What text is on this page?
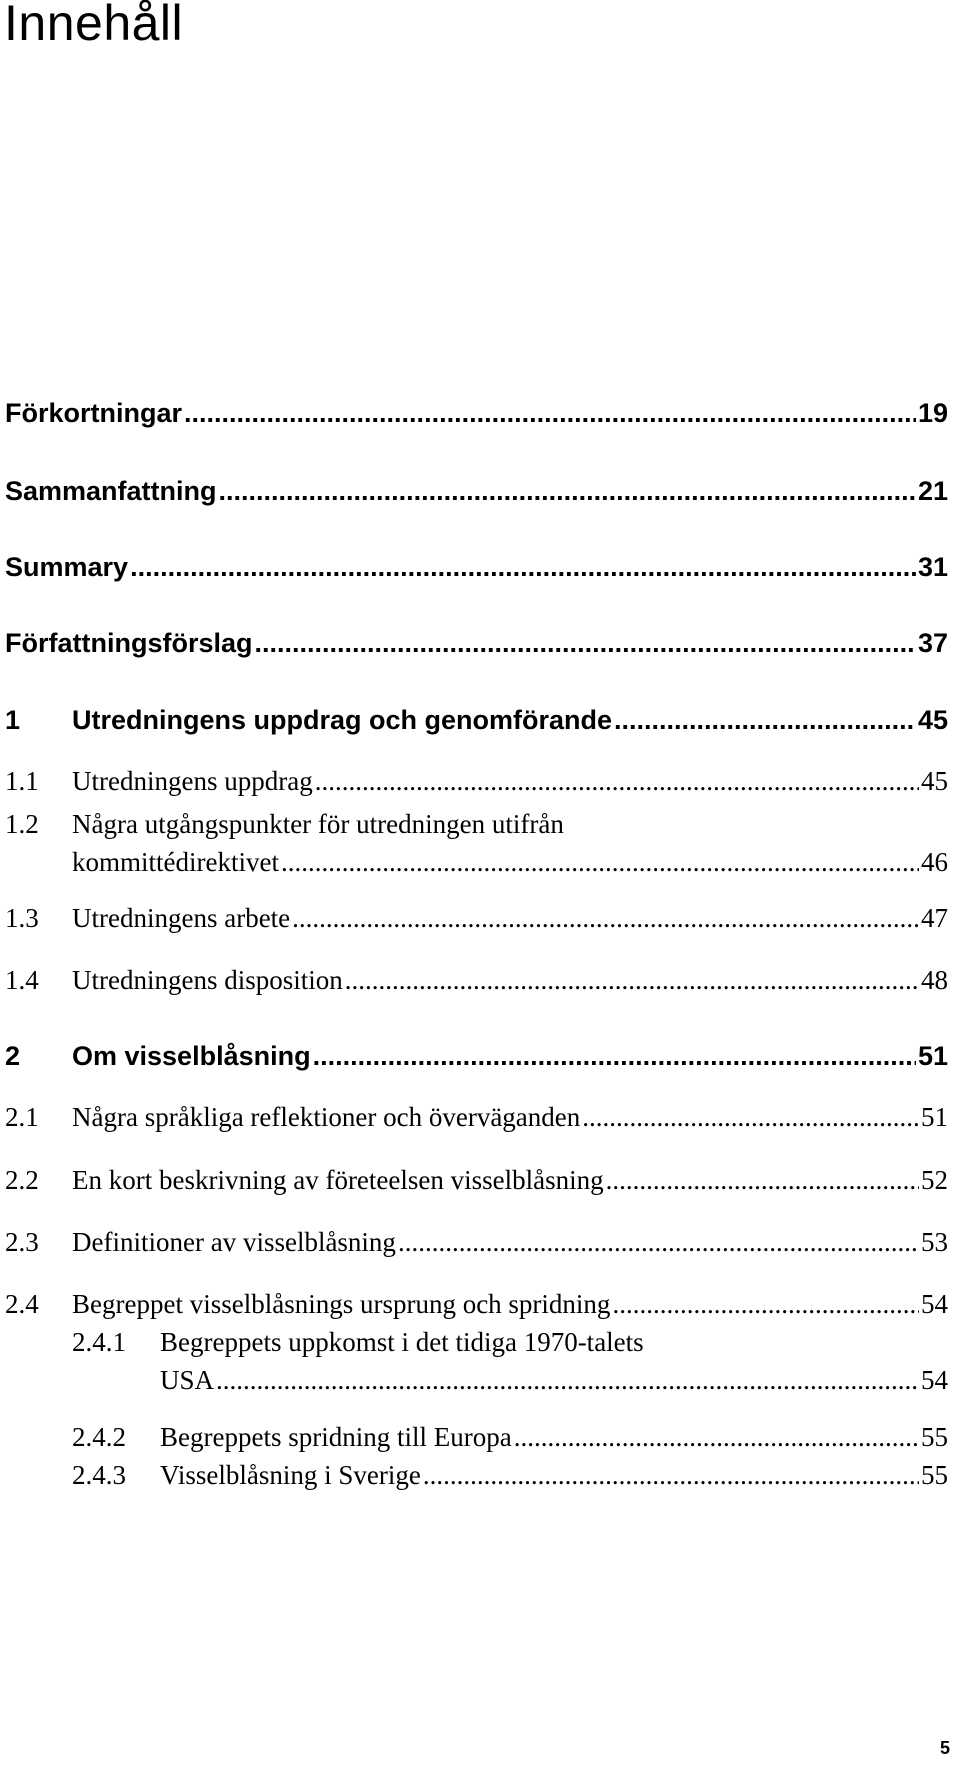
Innehåll
Förkortningar .....	19
Sammanfattning .....	21
Summary .....	31
Författningsförslag .....	37
1 Utredningens uppdrag och genomförande .....	45
1.1 Utredningens uppdrag .....	45
1.2 Några utgångspunkter för utredningen utifrån
kommittédirektivet .....	46
1.3 Utredningens arbete .....	47
1.4 Utredningens disposition .....	48
2 Om visselblåsning .....	51
2.1 Några språkliga reflektioner och överväganden .....	51
2.2 En kort beskrivning av företeelsen visselblåsning .....	52
2.3 Definitioner av visselblåsning .....	53
2.4 Begreppet visselblåsnings ursprung och spridning .....	54
2.4.1 Begreppets uppkomst i det tidiga 1970-talets
USA .....	54
2.4.2 Begreppets spridning till Europa .....	55
2.4.3 Visselblåsning i Sverige .....	55
5
